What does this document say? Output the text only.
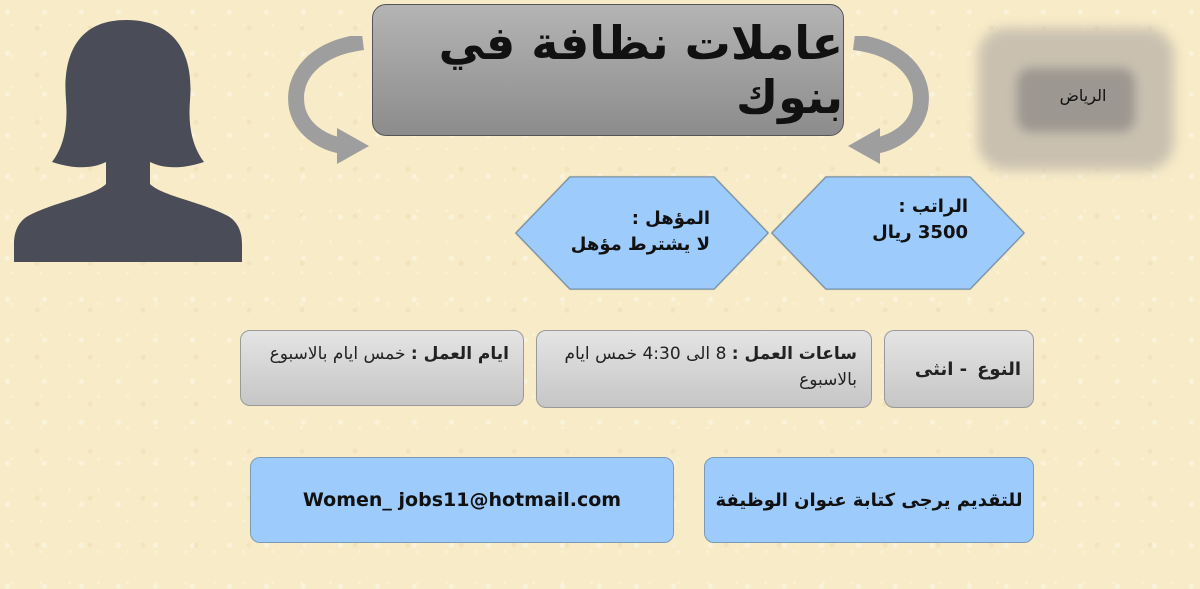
عاملات نظافة في بنوك	الرياض
الراتب :
3500 ريال
المؤهل :
لا يشترط مؤهل
النوع
- انثى
ساعات العمل : 8 الى 4:30 خمس ايام بالاسبوع
ايام العمل : خمس ايام بالاسبوع
للتقديم يرجى كتابة عنوان الوظيفة
Women_ jobs11@hotmail.com
